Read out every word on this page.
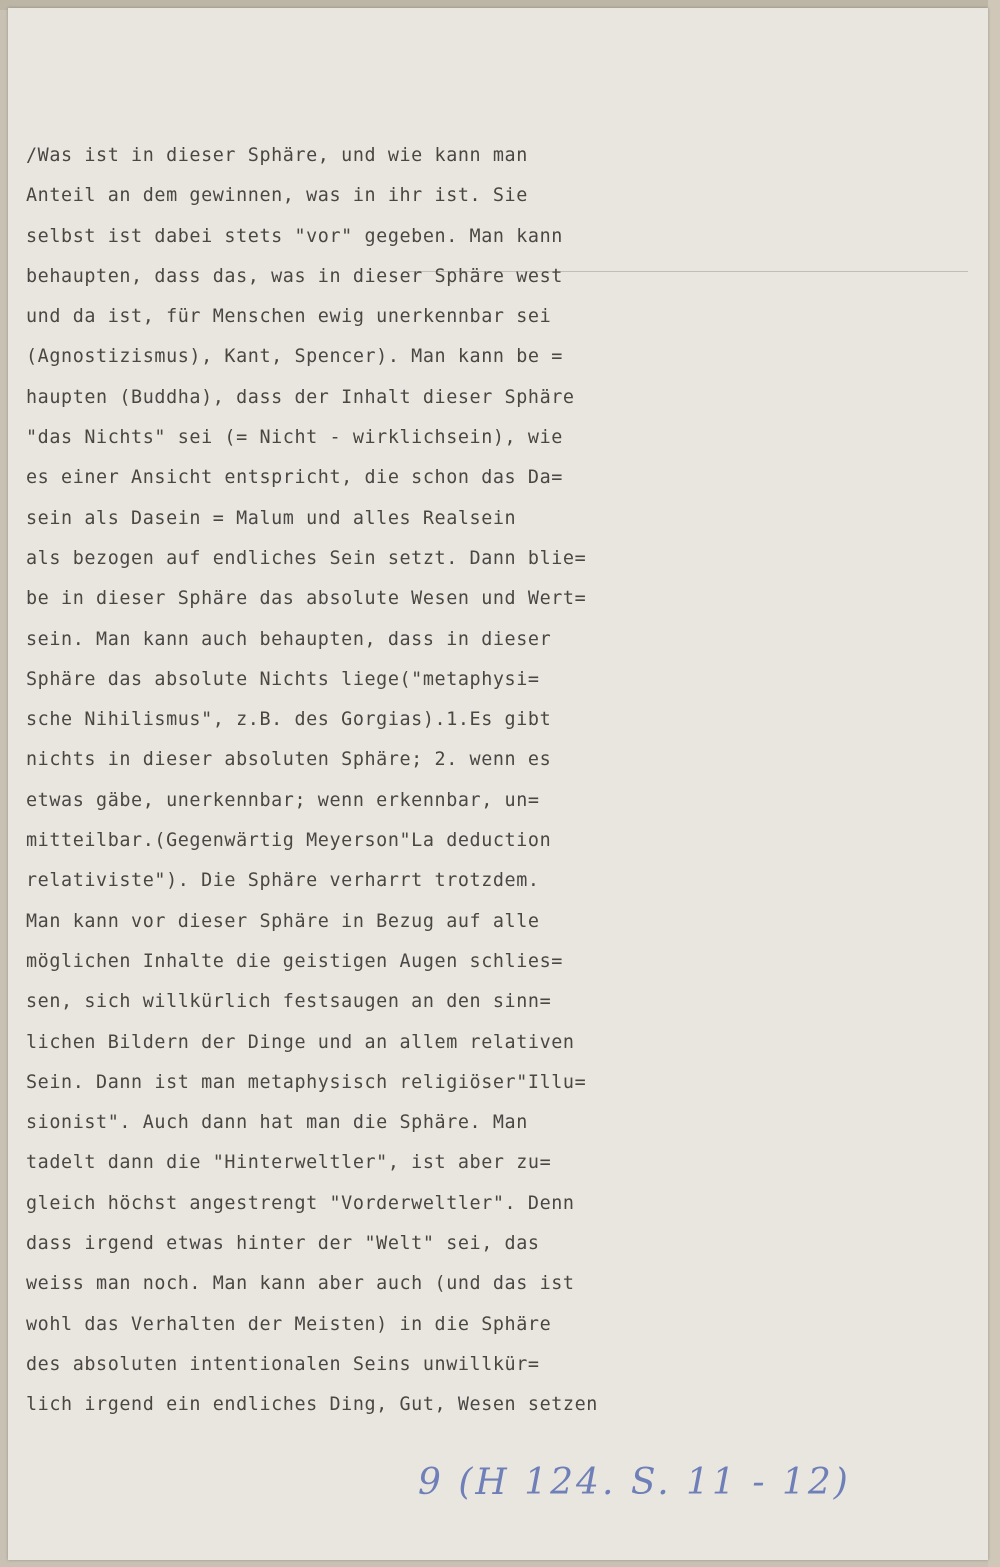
/Was ist in dieser Sphäre, und wie kann man
Anteil an dem gewinnen, was in ihr ist. Sie
selbst ist dabei stets "vor" gegeben. Man kann
behaupten, dass das, was in dieser Sphäre west
und da ist, für Menschen ewig unerkennbar sei
(Agnostizismus), Kant, Spencer). Man kann be =
haupten (Buddha), dass der Inhalt dieser Sphäre
"das Nichts" sei (= Nicht - wirklichsein), wie
es einer Ansicht entspricht, die schon das Da=
sein als Dasein = Malum und alles Realsein
als bezogen auf endliches Sein setzt. Dann blie=
be in dieser Sphäre das absolute Wesen und Wert=
sein. Man kann auch behaupten, dass in dieser
Sphäre das absolute Nichts liege("metaphysi=
sche Nihilismus", z.B. des Gorgias).1.Es gibt
nichts in dieser absoluten Sphäre; 2. wenn es
etwas gäbe, unerkennbar; wenn erkennbar, un=
mitteilbar.(Gegenwärtig Meyerson"La deduction
relativiste"). Die Sphäre verharrt trotzdem.
Man kann vor dieser Sphäre in Bezug auf alle
möglichen Inhalte die geistigen Augen schlies=
sen, sich willkürlich festsaugen an den sinn=
lichen Bildern der Dinge und an allem relativen
Sein. Dann ist man metaphysisch religiöser"Illu=
sionist". Auch dann hat man die Sphäre. Man
tadelt dann die "Hinterweltler", ist aber zu=
gleich höchst angestrengt "Vorderweltler". Denn
dass irgend etwas hinter der "Welt" sei, das
weiss man noch. Man kann aber auch (und das ist
wohl das Verhalten der Meisten) in die Sphäre
des absoluten intentionalen Seins unwillkür=
lich irgend ein endliches Ding, Gut, Wesen setzen
9 (H 124. S. 11 - 12)
